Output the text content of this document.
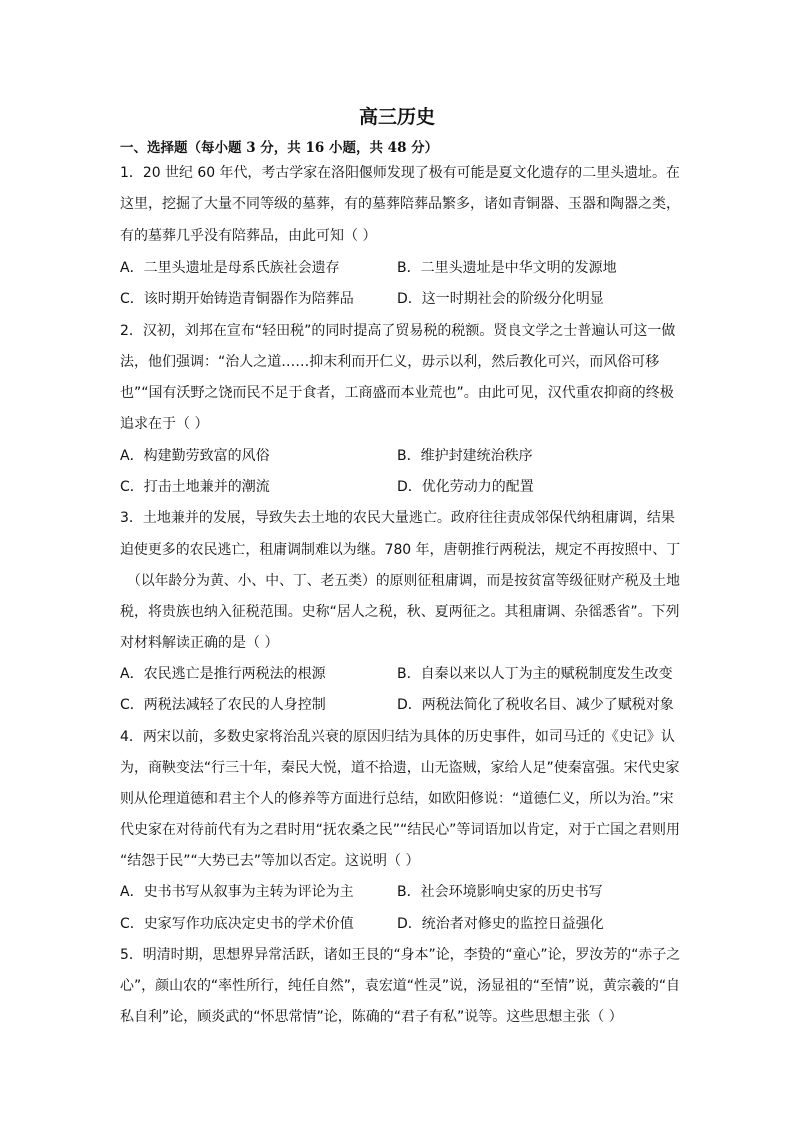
高三历史
一、选择题（每小题 3 分，共 16 小题，共 48 分）
1．20 世纪 60 年代，考古学家在洛阳偃师发现了极有可能是夏文化遗存的二里头遗址。在
这里，挖掘了大量不同等级的墓葬，有的墓葬陪葬品繁多，诸如青铜器、玉器和陶器之类，
有的墓葬几乎没有陪葬品，由此可知（ ）
A．二里头遗址是母系氏族社会遗存	B．二里头遗址是中华文明的发源地
C．该时期开始铸造青铜器作为陪葬品	D．这一时期社会的阶级分化明显
2．汉初，刘邦在宣布“轻田税”的同时提高了贸易税的税额。贤良文学之士普遍认可这一做
法，他们强调：“治人之道……抑末利而开仁义，毋示以利，然后教化可兴，而风俗可移
也”“国有沃野之饶而民不足于食者，工商盛而本业荒也”。由此可见，汉代重农抑商的终极
追求在于（ ）
A．构建勤劳致富的风俗	B．维护封建统治秩序
C．打击土地兼并的潮流	D．优化劳动力的配置
3．土地兼并的发展，导致失去土地的农民大量逃亡。政府往往责成邻保代纳租庸调，结果
迫使更多的农民逃亡，租庸调制难以为继。780 年，唐朝推行两税法，规定不再按照中、丁
（以年龄分为黄、小、中、丁、老五类）的原则征租庸调，而是按贫富等级征财产税及土地
税，将贵族也纳入征税范围。史称“居人之税，秋、夏两征之。其租庸调、杂徭悉省”。下列
对材料解读正确的是（ ）
A．农民逃亡是推行两税法的根源	B．自秦以来以人丁为主的赋税制度发生改变
C．两税法减轻了农民的人身控制	D．两税法简化了税收名目、减少了赋税对象
4．两宋以前，多数史家将治乱兴衰的原因归结为具体的历史事件，如司马迁的《史记》认
为，商鞅变法“行三十年，秦民大悦，道不拾遗，山无盗贼，家给人足”使秦富强。宋代史家
则从伦理道德和君主个人的修养等方面进行总结，如欧阳修说：“道德仁义，所以为治。”宋
代史家在对待前代有为之君时用“抚农桑之民”“结民心”等词语加以肯定，对于亡国之君则用
“结怨于民”“大势已去”等加以否定。这说明（ ）
A．史书书写从叙事为主转为评论为主	B．社会环境影响史家的历史书写
C．史家写作功底决定史书的学术价值	D．统治者对修史的监控日益强化
5．明清时期，思想界异常活跃，诸如王艮的“身本”论，李贽的“童心”论，罗汝芳的“赤子之
心”，颜山农的“率性所行，纯任自然”，袁宏道“性灵”说，汤显祖的“至情”说，黄宗羲的“自
私自利”论，顾炎武的“怀思常情”论，陈确的“君子有私”说等。这些思想主张（ ）
